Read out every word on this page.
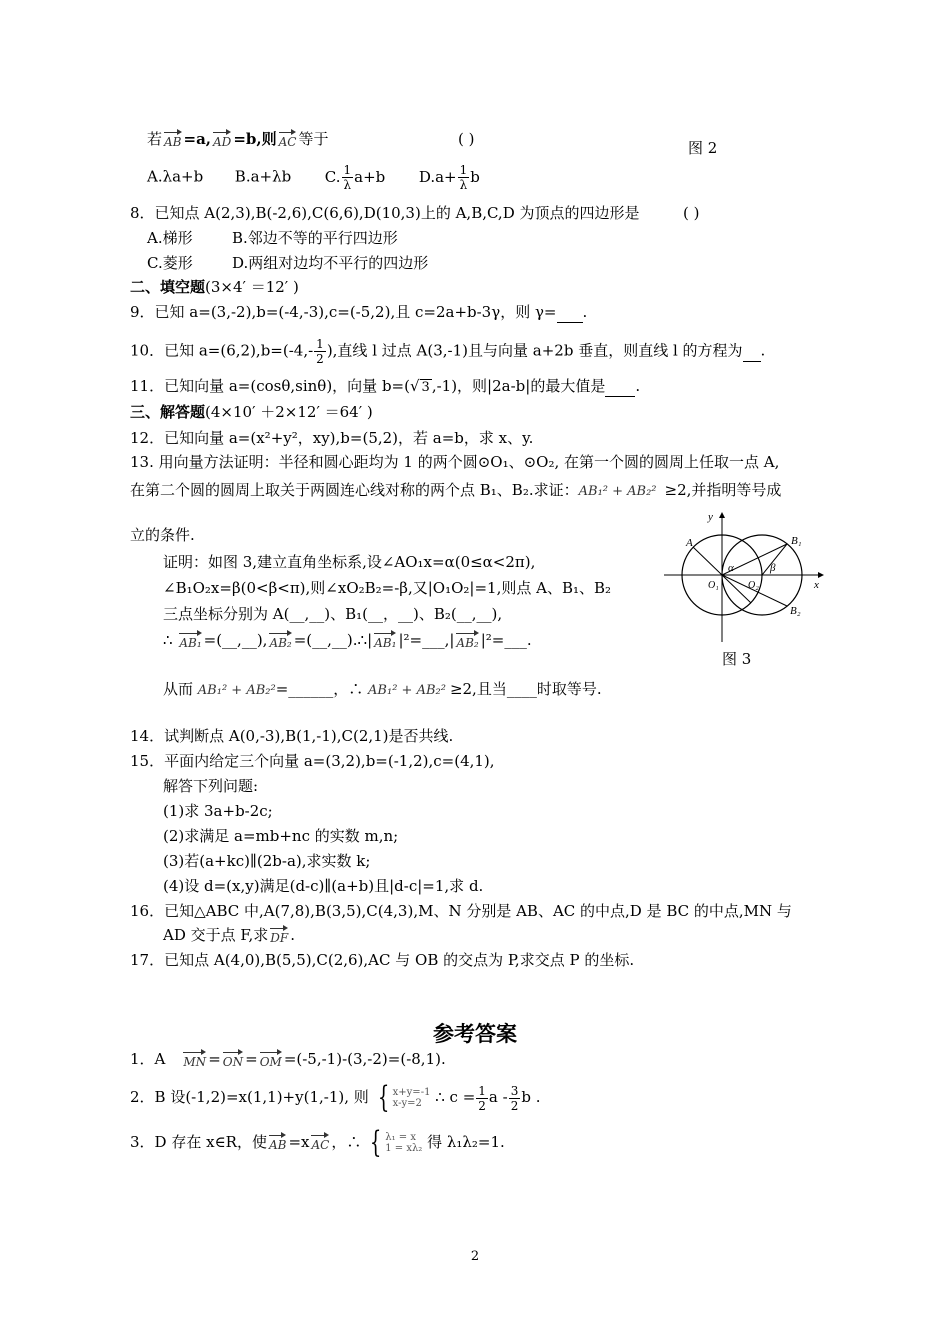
若 AB =a, AD =b,则 AC 等于	( )	图 2
A.λa+b B.a+λb C. $\frac{1}{\lambda} a+b$ $D.a+ \frac{1}{\lambda}$ b
8．已知点 A(2,3),B(-2,6),C(6,6),D(10,3)上的 A,B,C,D 为顶点的四边形是	( )
A.梯形	B.邻边不等的平行四边形
C.菱形	D.两组对边均不平行的四边形
二、填空题(3×4′ ＝12′ )
9．已知 a=(3,-2),b=(-4,-3),c=(-5,2),且 c=2a+b-3γ，则 γ= .
10．已知 $a=(6,2),b=(-4,- \frac{1}{2}$ ),直线 l 过点 A(3,-1)且与向量 a+2b 垂直，则直线 l 的方程为 .
11．已知向量 a=(cosθ,sinθ)，向量 b=(√ 3 ,-1)，则|2a-b|的最大值是 .
三、解答题(4×10′ ＋2×12′ ＝64′ )
12．已知向量 a=(x²+y²，xy),b=(5,2)，若 a=b，求 x、y.
13. 用向量方法证明：半径和圆心距均为 1 的两个圆⊙O₁、⊙O₂, 在第一个圆的圆周上任取一点 A,
在第二个圆的圆周上取关于两圆连心线对称的两个点 B₁、B₂.求证：AB₁² + AB₂² ≥2,并指明等号成
立的条件.
证明：如图 3,建立直角坐标系,设∠AO₁x=α(0≤α<2π),
∠B₁O₂x=β(0<β<π),则∠xO₂B₂=-β,又|O₁O₂|=1,则点 A、B₁、B₂
三点坐标分别为 A(__,__)、B₁(__，__)、B₂(__,__),
∴ AB₁ =(__,__), AB₂ =(__,__).∴| AB₁ |²=___,| AB₂ |²=___.
从而 AB₁² + AB₂²=______，∴ AB₁² + AB₂² ≥2,且当____时取等号.
A	B₁
B₂
O₁	O₂
α	β
y
x
图 3
14．试判断点 A(0,-3),B(1,-1),C(2,1)是否共线.
15．平面内给定三个向量 a=(3,2),b=(-1,2),c=(4,1),
解答下列问题:
(1)求 3a+b-2c;
(2)求满足 a=mb+nc 的实数 m,n;
(3)若(a+kc)∥(2b-a),求实数 k;
(4)设 d=(x,y)满足(d-c)∥(a+b)且|d-c|=1,求 d.
16．已知△ABC 中,A(7,8),B(3,5),C(4,3),M、N 分别是 AB、AC 的中点,D 是 BC 的中点,MN 与
AD 交于点 F,求 DF .
17．已知点 A(4,0),B(5,5),C(2,6),AC 与 OB 的交点为 P,求交点 P 的坐标.
参考答案
1．A MN = ON = OM =(-5,-1)-(3,-2)=(-8,1).
2．B 设(-1,2)=x(1,1)+y(1,-1), 则 { x+y=-1
x-y=2 ∴ $c = \frac{1}{2}$ a - $\frac{3}{2}$ b .
3．D 存在 x∈R，使 AB =x AC ，∴ { λ₁ = x
1 = xλ₂ 得 λ₁λ₂=1.
2
